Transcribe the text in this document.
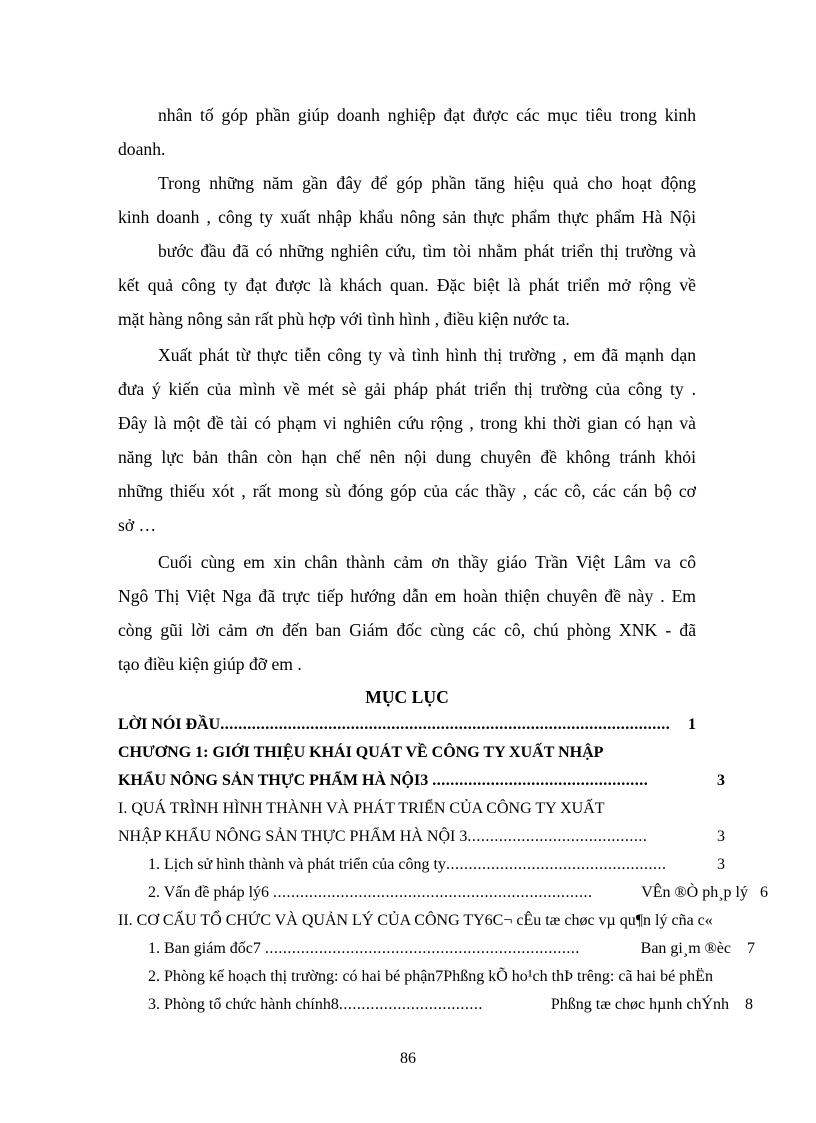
nhân tố góp phần giúp doanh nghiệp đạt được các mục tiêu trong kinh
doanh.
Trong những năm gần đây để góp phần tăng hiệu quả cho hoạt động
kinh doanh , công ty xuất nhập khẩu nông sản thực phẩm thực phẩm Hà Nội
bước đầu đã có những nghiên cứu, tìm tòi nhằm phát triển thị trường và
kết quả công ty đạt được là khách quan. Đặc biệt là phát triển mở rộng về
mặt hàng nông sản rất phù hợp với tình hình , điều kiện nước ta.
Xuất phát từ thực tiễn công ty và tình hình thị trường , em đã mạnh dạn
đưa ý kiến của mình về mét sè gải pháp phát triển thị trường của công ty .
Đây là một đề tài có phạm vi nghiên cứu rộng , trong khi thời gian có hạn và
năng lực bản thân còn hạn chế nên nội dung chuyên đề không tránh khỏi
những thiếu xót , rất mong sù đóng góp của các thầy , các cô, các cán bộ cơ
sở …
Cuối cùng em xin chân thành cảm ơn thầy giáo Trần Việt Lâm va cô
Ngô Thị Việt Nga đã trực tiếp hướng dẫn em hoàn thiện chuyên đề này . Em
còng gũi lời cảm ơn đến ban Giám đốc cùng các cô, chú phòng XNK - đã
tạo điều kiện giúp đỡ em .
MỤC LỤC
LỜI NÓI ĐẦU.................................................................................................... 1
CHƯƠNG 1: GIỚI THIỆU KHÁI QUÁT VỀ CÔNG TY XUẤT NHẬP
KHẨU NÔNG SẢN THỰC PHẨM HÀ NỘI3 ................................................	3
I. QUÁ TRÌNH HÌNH THÀNH VÀ PHÁT TRIỂN CỦA CÔNG TY XUẤT
NHẬP KHẨU NÔNG SẢN THỰC PHẨM HÀ NỘI 3........................................	3
1. Lịch sử hình thành và phát triển của công ty.................................................	3
2. Vấn đề pháp lý6 .......................................................................	VÊn ®Ò ph¸p lý   6
II. CƠ CẤU TỔ CHỨC VÀ QUẢN LÝ CỦA CÔNG TY6C¬ cÊu tæ chøc vµ qu¶n lý cña c«
1. Ban giám đốc7 ......................................................................	Ban gi¸m ®èc    7
2. Phòng kế hoạch thị trường: có hai bé phận7Phßng kÕ ho¹ch thÞ trêng: cã hai bé phËn
3. Phòng tổ chức hành chính8................................	Phßng tæ chøc hµnh chÝnh    8
86
